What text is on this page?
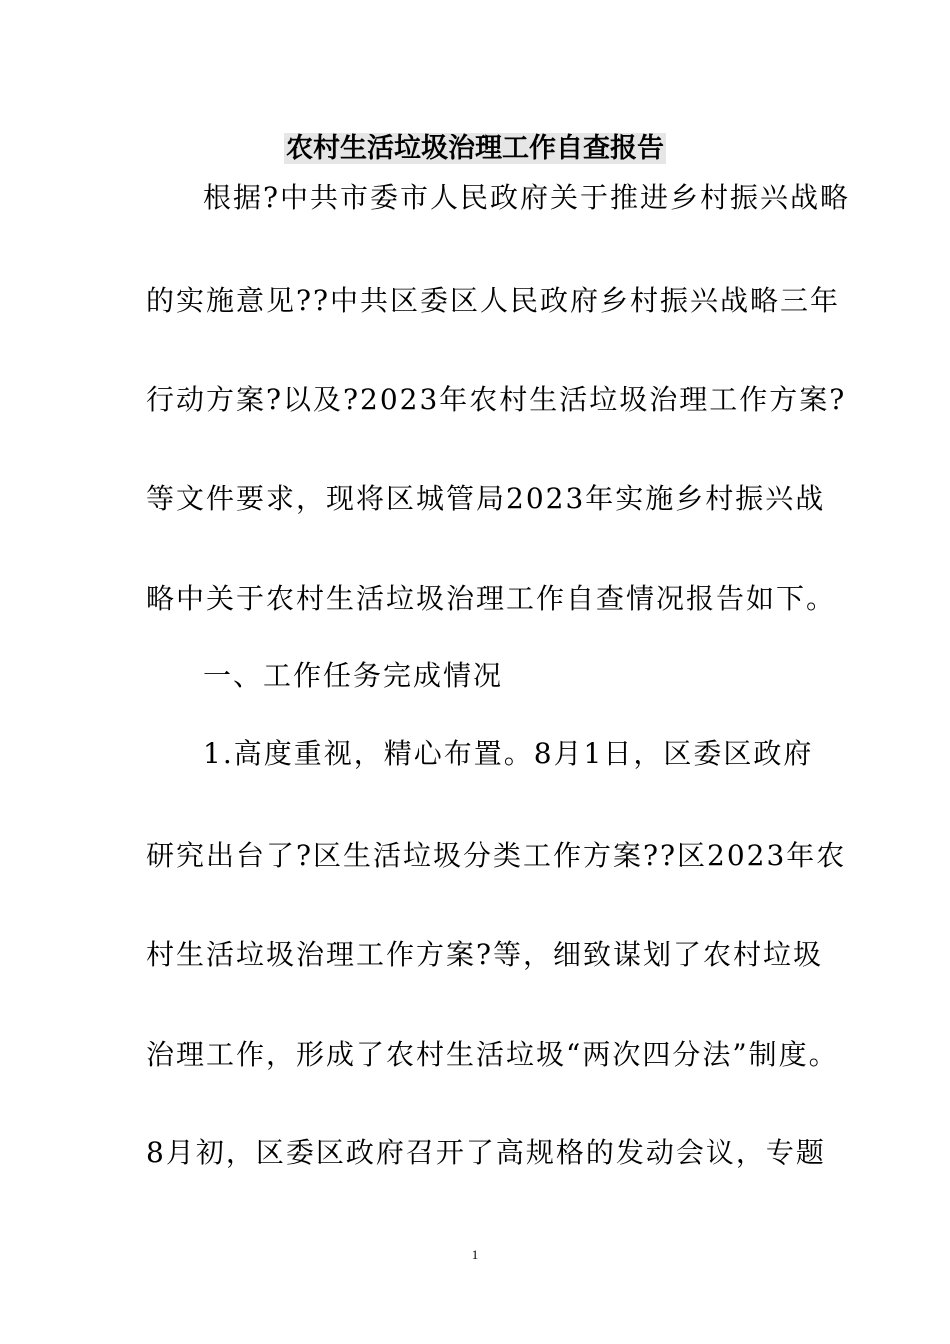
农村生活垃圾治理工作自查报告
根据?中共市委市人民政府关于推进乡村振兴战略
的实施意见??中共区委区人民政府乡村振兴战略三年
行动方案?以及?2023年农村生活垃圾治理工作方案?
等文件要求，现将区城管局2023年实施乡村振兴战
略中关于农村生活垃圾治理工作自查情况报告如下。
一、工作任务完成情况
1.高度重视，精心布置。8月1日，区委区政府
研究出台了?区生活垃圾分类工作方案??区2023年农
村生活垃圾治理工作方案?等，细致谋划了农村垃圾
治理工作，形成了农村生活垃圾“两次四分法”制度。
8月初，区委区政府召开了高规格的发动会议，专题
1
